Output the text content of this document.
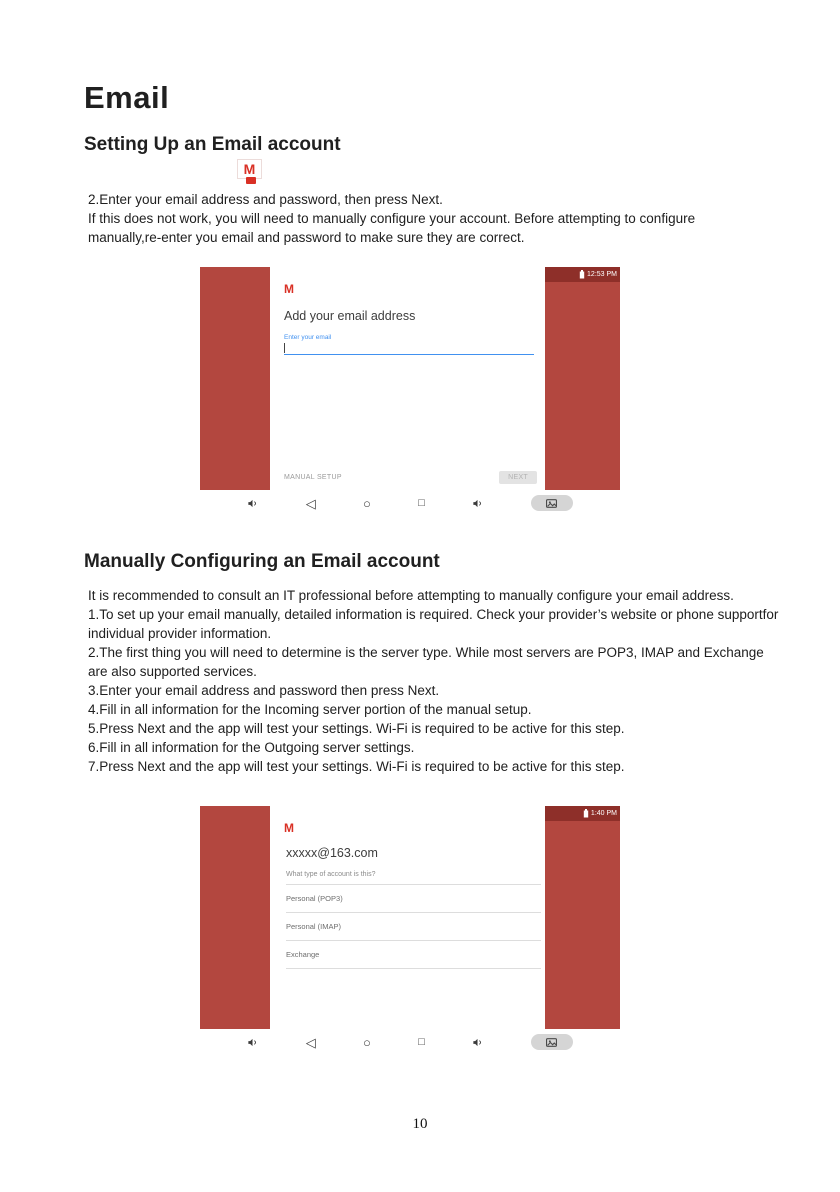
Email
Setting Up an Email account
M

2.Enter your email address and password, then press Next.

If this does not work, you will need to manually configure your account. Before attempting to configure manually,re-enter you email and password to make sure they are correct.

M
Add your email address
Enter your email
MANUAL SETUP	NEXT
12:53 PM
◁	○	□
Manually Configuring an Email account

It is recommended to consult an IT professional before attempting to manually configure your email address.

1.To set up your email manually, detailed information is required. Check your provider’s website or phone supportfor individual provider information.

2.The first thing you will need to determine is the server type. While most servers are POP3, IMAP and Exchange are also supported services.

3.Enter your email address and password then press Next.

4.Fill in all information for the Incoming server portion of the manual setup.

5.Press Next and the app will test your settings. Wi-Fi is required to be active for this step.

6.Fill in all information for the Outgoing server settings.

7.Press Next and the app will test your settings. Wi-Fi is required to be active for this step.

M
xxxxx@163.com
What type of account is this?
Personal (POP3)
Personal (IMAP)
Exchange
1:40 PM
◁	○	□
10
